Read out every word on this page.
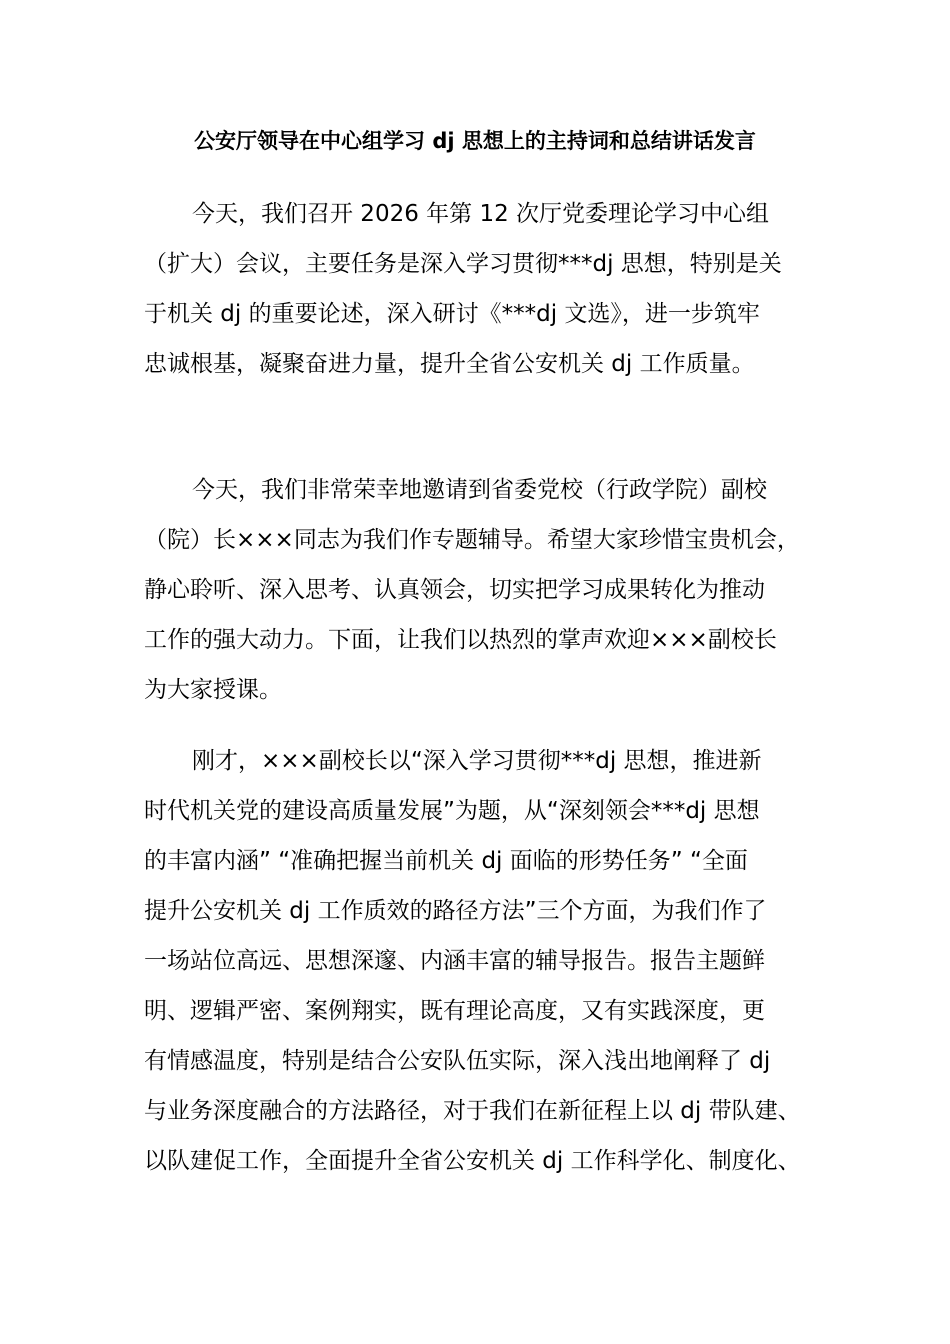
公安厅领导在中心组学习 dj 思想上的主持词和总结讲话发言
今天，我们召开 2026 年第 12 次厅党委理论学习中心组
（扩大）会议，主要任务是深入学习贯彻***dj 思想，特别是关
于机关 dj 的重要论述，深入研讨《***dj 文选》，进一步筑牢
忠诚根基，凝聚奋进力量，提升全省公安机关 dj 工作质量。
今天，我们非常荣幸地邀请到省委党校（行政学院）副校
（院）长×××同志为我们作专题辅导。希望大家珍惜宝贵机会，
静心聆听、深入思考、认真领会，切实把学习成果转化为推动
工作的强大动力。下面，让我们以热烈的掌声欢迎×××副校长
为大家授课。
刚才，×××副校长以“深入学习贯彻***dj 思想，推进新
时代机关党的建设高质量发展”为题，从“深刻领会***dj 思想
的丰富内涵” “准确把握当前机关 dj 面临的形势任务” “全面
提升公安机关 dj 工作质效的路径方法”三个方面，为我们作了
一场站位高远、思想深邃、内涵丰富的辅导报告。报告主题鲜
明、逻辑严密、案例翔实，既有理论高度，又有实践深度，更
有情感温度，特别是结合公安队伍实际，深入浅出地阐释了 dj
与业务深度融合的方法路径，对于我们在新征程上以 dj 带队建、
以队建促工作，全面提升全省公安机关 dj 工作科学化、制度化、
